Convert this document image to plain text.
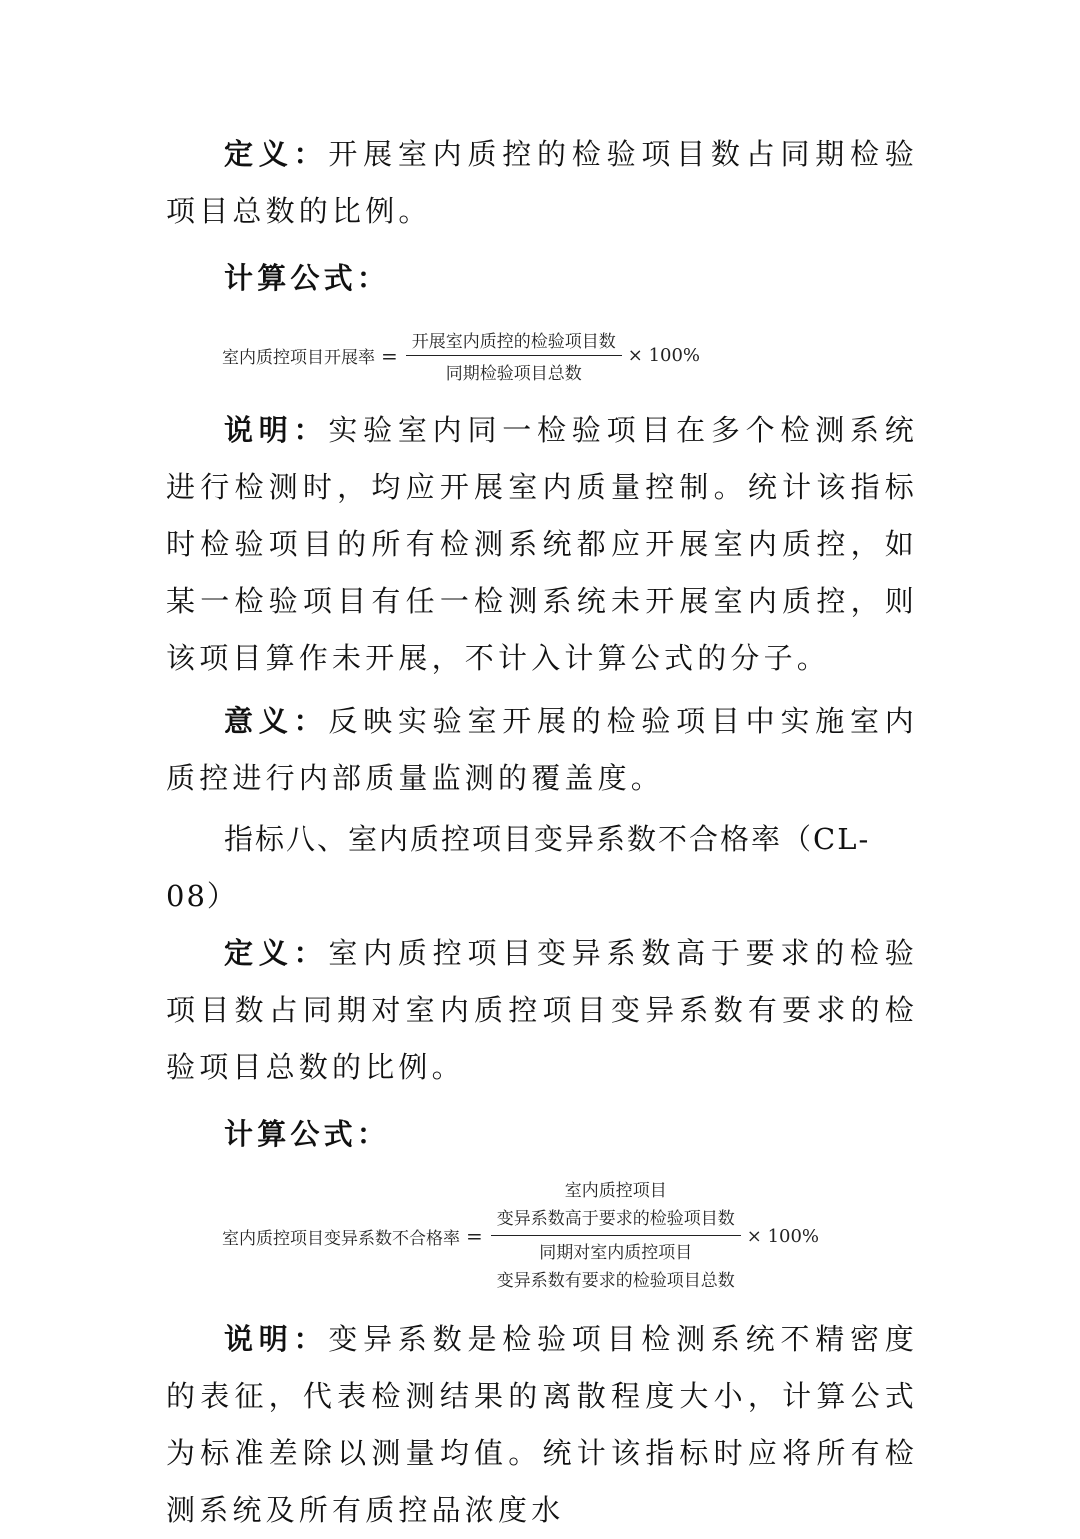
定义：开展室内质控的检验项目数占同期检验项目总数的比例。

计算公式：

室内质控项目开展率 = $\frac{\text{开展室内质控的检验项目数}}{\text{同期检验项目总数}} \times 100\%$

说明：实验室内同一检验项目在多个检测系统进行检测时，均应开展室内质量控制。统计该指标时检验项目的所有检测系统都应开展室内质控，如某一检验项目有任一检测系统未开展室内质控，则该项目算作未开展，不计入计算公式的分子。

意义：反映实验室开展的检验项目中实施室内质控进行内部质量监测的覆盖度。

指标八、室内质控项目变异系数不合格率（CL-08）

定义：室内质控项目变异系数高于要求的检验项目数占同期对室内质控项目变异系数有要求的检验项目总数的比例。

计算公式：

室内质控项目变异系数不合格率 = 室内质控项目
变异系数高于要求的检验项目数
同期对室内质控项目
变异系数有要求的检验项目总数 × 100%

说明：变异系数是检验项目检测系统不精密度的表征，代表检测结果的离散程度大小，计算公式为标准差除以测量均值。统计该指标时应将所有检测系统及所有质控品浓度水
